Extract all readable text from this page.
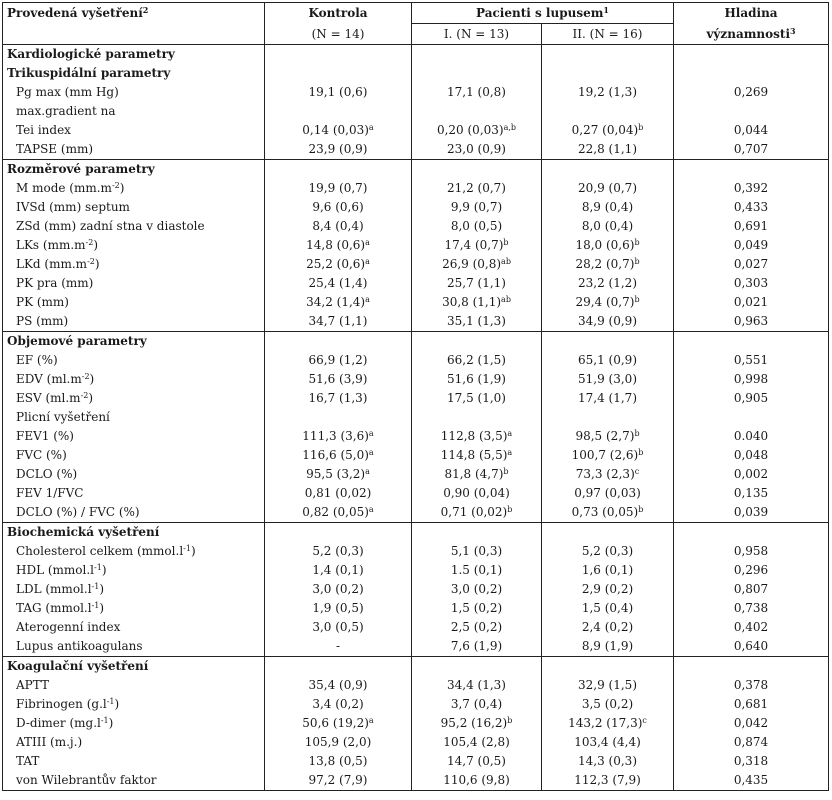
Provedená vyšetření$^2$	Kontrola	Pacienti s lupusem$^1$		Hladina
	(N = 14)	I. (N = 13)	II. (N = 16)	významnosti$^3$
Kardiologické parametry				
Trikuspidální parametry				
Pg max (mm Hg)	19,1 (0,6)	17,1 (0,8)	19,2 (1,3)	0,269
max.gradient na				
Tei index	0,14 $(0,03)^a$	0,20 $(0,03)^{a,b}$	0,27 $(0,04)^b$	0,044
TAPSE (mm)	23,9 (0,9)	23,0 (0,9)	22,8 (1,1)	0,707
Rozměrové parametry				
M mode $(mm.m^{-2})$	19,9 (0,7)	21,2 (0,7)	20,9 (0,7)	0,392
IVSd (mm) septum	9,6 (0,6)	9,9 (0,7)	8,9 (0,4)	0,433
ZSd (mm) zadní stna v diastole	8,4 (0,4)	8,0 (0,5)	8,0 (0,4)	0,691
LKs $(mm.m^{-2})$	14,8 $(0,6)^a$	17,4 $(0,7)^b$	18,0 $(0,6)^b$	0,049
LKd $(mm.m^{-2})$	25,2 $(0,6)^a$	26,9 $(0,8)^{ab}$	28,2 $(0,7)^b$	0,027
PK pra (mm)	25,4 (1,4)	25,7 (1,1)	23,2 (1,2)	0,303
PK (mm)	34,2 $(1,4)^a$	30,8 $(1,1)^{ab}$	29,4 $(0,7)^b$	0,021
PS (mm)	34,7 (1,1)	35,1 (1,3)	34,9 (0,9)	0,963
Objemové parametry				
EF (%)	66,9 (1,2)	66,2 (1,5)	65,1 (0,9)	0,551
EDV $(ml.m^{-2})$	51,6 (3,9)	51,6 (1,9)	51,9 (3,0)	0,998
ESV $(ml.m^{-2})$	16,7 (1,3)	17,5 (1,0)	17,4 (1,7)	0,905
Plicní vyšetření				
FEV1 (%)	111,3 $(3,6)^a$	112,8 $(3,5)^a$	98,5 $(2,7)^b$	0.040
FVC (%)	116,6 $(5,0)^a$	114,8 $(5,5)^a$	100,7 $(2,6)^b$	0,048
DCLO (%)	95,5 $(3,2)^a$	81,8 $(4,7)^b$	73,3 $(2,3)^c$	0,002
FEV 1/FVC	0,81 (0,02)	0,90 (0,04)	0,97 (0,03)	0,135
DCLO (%) / FVC (%)	0,82 $(0,05)^a$	0,71 $(0,02)^b$	0,73 $(0,05)^b$	0,039
Biochemická vyšetření				
Cholesterol celkem $(mmol.l^{-1})$	5,2 (0,3)	5,1 (0,3)	5,2 (0,3)	0,958
HDL $(mmol.l^{-1})$	1,4 (0,1)	1.5 (0,1)	1,6 (0,1)	0,296
LDL $(mmol.l^{-1})$	3,0 (0,2)	3,0 (0,2)	2,9 (0,2)	0,807
TAG $(mmol.l^{-1})$	1,9 (0,5)	1,5 (0,2)	1,5 (0,4)	0,738
Aterogenní index	3,0 (0,5)	2,5 (0,2)	2,4 (0,2)	0,402
Lupus antikoagulans	-	7,6 (1,9)	8,9 (1,9)	0,640
Koagulační vyšetření				
APTT	35,4 (0,9)	34,4 (1,3)	32,9 (1,5)	0,378
Fibrinogen $(g.l^{-1})$	3,4 (0,2)	3,7 (0,4)	3,5 (0,2)	0,681
D-dimer $(mg.l^{-1})$	50,6 $(19,2)^a$	95,2 $(16,2)^b$	143,2 $(17,3)^c$	0,042
ATIII (m.j.)	105,9 (2,0)	105,4 (2,8)	103,4 (4,4)	0,874
TAT	13,8 (0,5)	14,7 (0,5)	14,3 (0,3)	0,318
von Wilebrantův faktor	97,2 (7,9)	110,6 (9,8)	112,3 (7,9)	0,435
